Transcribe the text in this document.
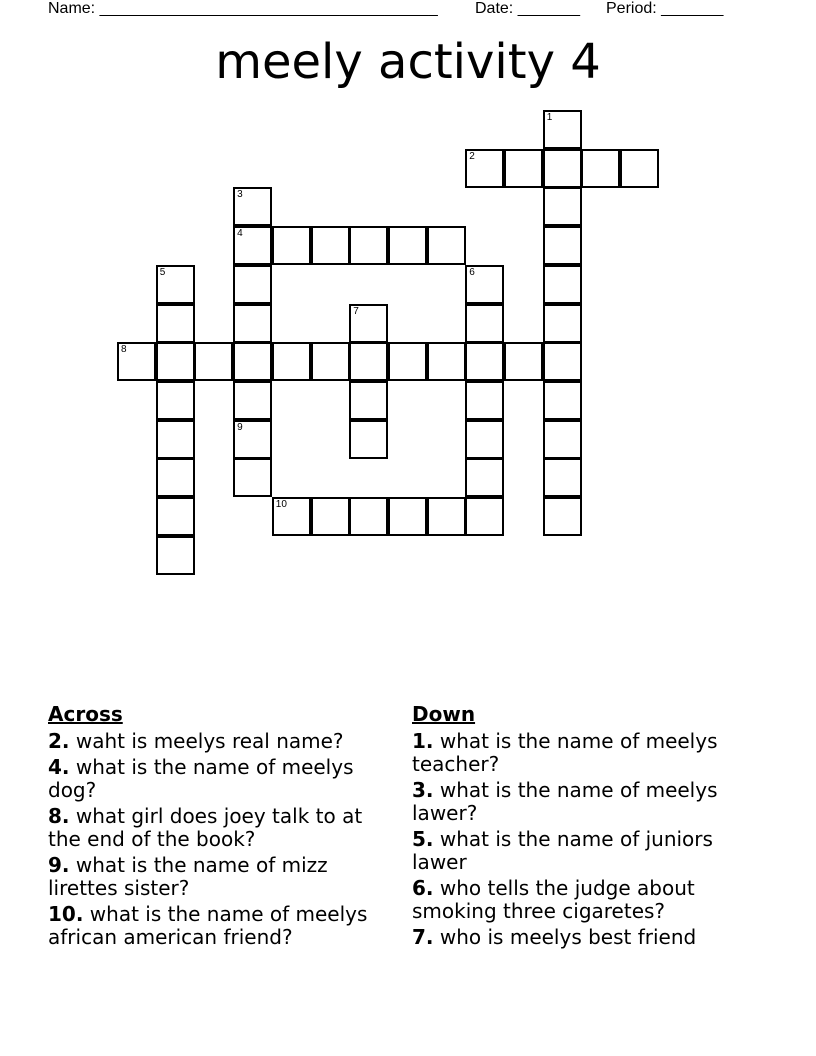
Name: ______________________________________

Date: _______

Period: _______

meely activity 4
1
2
3
4
9
5	6
7
8
10
Across
2. waht is meelys real name?
4. what is the name of meelys dog?
8. what girl does joey talk to at the end of the book?
9. what is the name of mizz lirettes sister?
10. what is the name of meelys african american friend?
Down
1. what is the name of meelys teacher?
3. what is the name of meelys lawer?
5. what is the name of juniors lawer
6. who tells the judge about smoking three cigaretes?
7. who is meelys best friend
